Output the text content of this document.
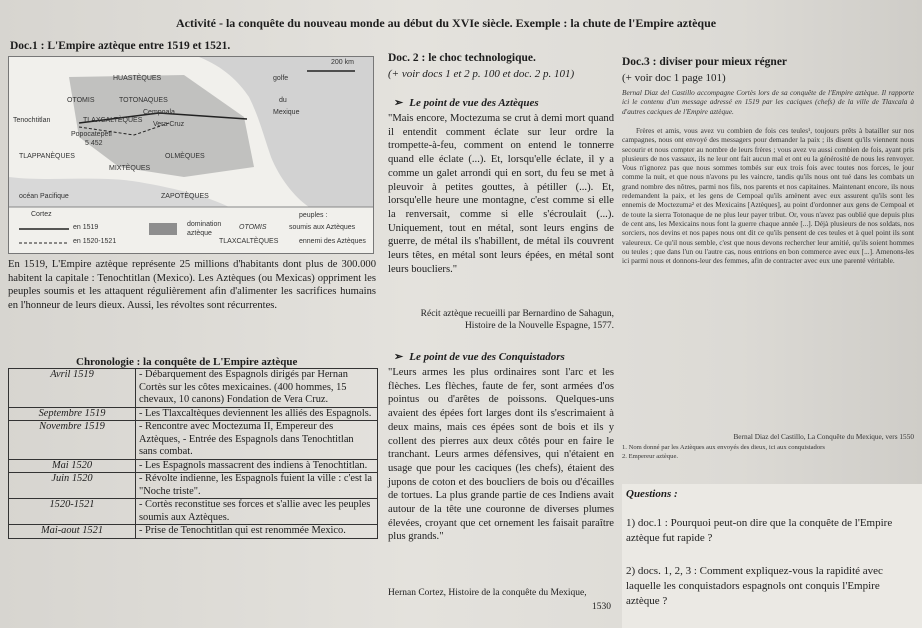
Activité - la conquête du nouveau monde au début du XVIe siècle. Exemple : la chute de l'Empire aztèque
Doc.1 : L'Empire aztèque entre 1519 et 1521.
200 km
HUASTÈQUES	golfe
du
OTOMIS	TOTONAQUES
Mexique
Tenochtitlan	TLAXCALTÈQUES
Cempoala
Vera Cruz
Popocatepetl
5 452
TLAPPANÈQUES
MIXTÈQUES
OLMÈQUES
océan Pacifique	ZAPOTÈQUES
Cortez
en 1519
en 1520-1521
domination aztèque
peuples :
OTOMIS	soumis aux Aztèques
TLAXCALTÈQUES	ennemi des Aztèques
En 1519, L'Empire aztèque représente 25 millions d'habitants dont plus de 300.000 habitent la capitale : Tenochtitlan (Mexico). Les Aztèques (ou Mexicas) oppriment les peuples soumis et les attaquent régulièrement afin d'alimenter les sacrifices humains en l'honneur de leurs dieux. Aussi, les révoltes sont récurrentes.
Chronologie : la conquête de L'Empire aztèque
Avril 1519	- Débarquement des Espagnols dirigés par Hernan Cortès sur les côtes mexicaines. (400 hommes, 15 chevaux, 10 canons) Fondation de Vera Cruz.
Septembre 1519	- Les Tlaxcaltèques deviennent les alliés des Espagnols.
Novembre 1519	- Rencontre avec Moctezuma II, Empereur des Aztèques, - Entrée des Espagnols dans Tenochtitlan sans combat.
Mai 1520	- Les Espagnols massacrent des indiens à Tenochtitlan.
Juin 1520	- Révolte indienne, les Espagnols fuient la ville : c'est la "Noche triste".
1520-1521	- Cortès reconstitue ses forces et s'allie avec les peuples soumis aux Aztèques.
Mai-aout 1521	- Prise de Tenochtitlan qui est renommée Mexico.
Doc. 2 : le choc technologique.
(+ voir docs 1 et 2 p. 100 et doc. 2 p. 101)
➢ Le point de vue des Aztèques
"Mais encore, Moctezuma se crut à demi mort quand il entendit comment éclate sur leur ordre la trompette-à-feu, comment on entend le tonnerre quand elle éclate (...). Et, lorsqu'elle éclate, il y a comme un galet arrondi qui en sort, du feu se met à pleuvoir à petites gouttes, à pétiller (...). Et, lorsqu'elle heure une montagne, c'est comme si elle la renversait, comme si elle s'écroulait (...). Uniquement, tout en métal, sont leurs engins de guerre, de métal ils s'habillent, de métal ils couvrent leurs têtes, en métal sont leurs épées, en métal sont leurs boucliers."
Récit aztèque recueilli par Bernardino de Sahagun, Histoire de la Nouvelle Espagne, 1577.
➢ Le point de vue des Conquistadors
"Leurs armes les plus ordinaires sont l'arc et les flèches. Les flèches, faute de fer, sont armées d'os pointus ou d'arêtes de poissons. Quelques-uns avaient des épées fort larges dont ils s'escrimaient à deux mains, mais ces épées sont de bois et ils y collent des pierres aux deux côtés pour en faire le tranchant. Leurs armes défensives, qui n'étaient en usage que pour les caciques (les chefs), étaient des jupons de coton et des boucliers de bois ou d'écailles de tortues. La plus grande partie de ces Indiens avait autour de la tête une couronne de diverses plumes élevées, croyant que cet ornement les faisait paraître plus grands."
Hernan Cortez, Histoire de la conquête du Mexique,
1530
Doc.3 : diviser pour mieux régner
(+ voir doc 1 page 101)
Bernal Diaz del Castillo accompagne Cortès lors de sa conquête de l'Empire aztèque. Il rapporte ici le contenu d'un message adressé en 1519 par les caciques (chefs) de la ville de Tlaxcala à d'autres caciques de l'Empire aztèque.
Frères et amis, vous avez vu combien de fois ces teules¹, toujours prêts à batailler sur nos campagnes, nous ont envoyé des messagers pour demander la paix ; ils disent qu'ils viennent nous secourir et nous compter au nombre de leurs frères ; vous avez vu aussi combien de fois, ayant pris plusieurs de nos vassaux, ils ne leur ont fait aucun mal et ont eu la générosité de nous les renvoyer. Vous n'ignorez pas que nous sommes tombés sur eux trois fois avec toutes nos forces, le jour comme la nuit, et que nous n'avons pu les vaincre, tandis qu'ils nous ont tué dans les combats un grand nombre des nôtres, parmi nos fils, nos parents et nos capitaines. Maintenant encore, ils nous redemandent la paix, et les gens de Cempoal qu'ils amènent avec eux assurent qu'ils sont les ennemis de Moctezuma² et des Mexicains [Aztèques], au point d'ordonner aux gens de Cempoal et de toute la sierra Totonaque de ne plus leur payer tribut. Or, vous n'avez pas oublié que depuis plus de cent ans, les Mexicains nous font la guerre chaque année [...]. Déjà plusieurs de nos soldats, nos sorciers, nos devins et nos papes nous ont dit ce qu'ils pensent de ces teules et à quel point ils sont valeureux. Ce qu'il nous semble, c'est que nous devons rechercher leur amitié, qu'ils soient hommes ou teules ; que dans l'un ou l'autre cas, nous entrions en bon commerce avec eux [...]. Amenons-les ici parmi nous et donnons-leur des femmes, afin de contracter avec eux une parenté véritable.
Bernal Diaz del Castillo, La Conquête du Mexique, vers 1550
1. Nom donné par les Aztèques aux envoyés des dieux, ici aux conquistadors
2. Empereur aztèque.
Questions :
1) doc.1 : Pourquoi peut-on dire que la conquête de l'Empire aztèque fut rapide ?
2) docs. 1, 2, 3 : Comment expliquez-vous la rapidité avec laquelle les conquistadors espagnols ont conquis l'Empire aztèque ?
